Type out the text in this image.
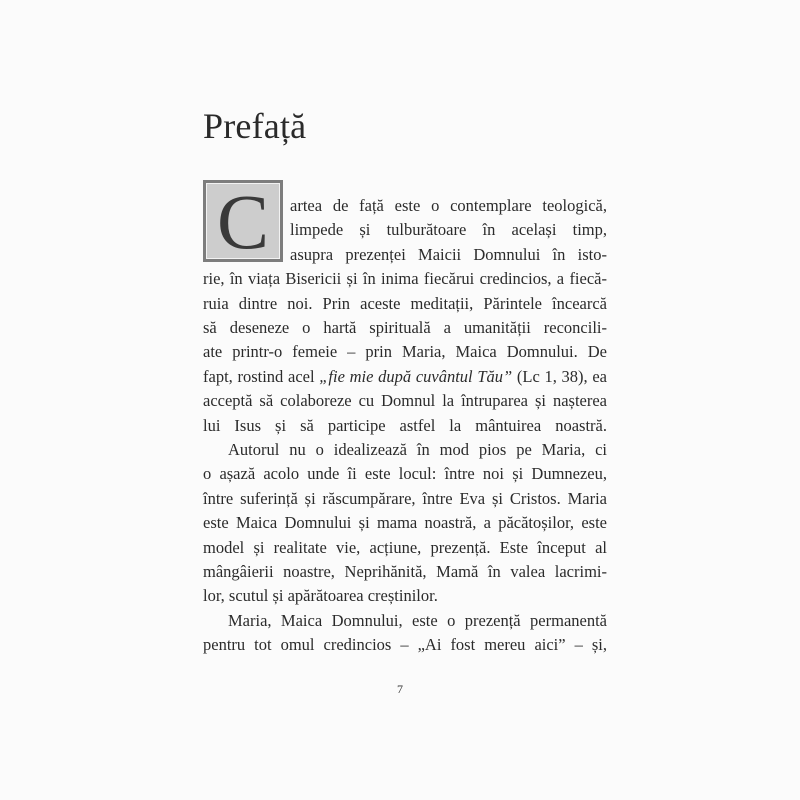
Prefață
C artea de față este o contemplare teologică,
limpede și tulburătoare în același timp,
asupra prezenței Maicii Domnului în isto-
rie, în viața Bisericii și în inima fiecărui credincios, a fiecă-
ruia dintre noi. Prin aceste meditații, Părintele încearcă
să deseneze o hartă spirituală a umanității reconcili-
ate printr-o femeie – prin Maria, Maica Domnului. De
fapt, rostind acel „fie mie după cuvântul Tău” (Lc 1, 38), ea
acceptă să colaboreze cu Domnul la întruparea și nașterea
lui Isus și să participe astfel la mântuirea noastră.
Autorul nu o idealizează în mod pios pe Maria, ci
o așază acolo unde îi este locul: între noi și Dumnezeu,
între suferință și răscumpărare, între Eva și Cristos. Maria
este Maica Domnului și mama noastră, a păcătoșilor, este
model și realitate vie, acțiune, prezență. Este început al
mângâierii noastre, Neprihănită, Mamă în valea lacrimi-
lor, scutul și apărătoarea creștinilor.
Maria, Maica Domnului, este o prezență permanentă
pentru tot omul credincios – „Ai fost mereu aici” – și,
7
